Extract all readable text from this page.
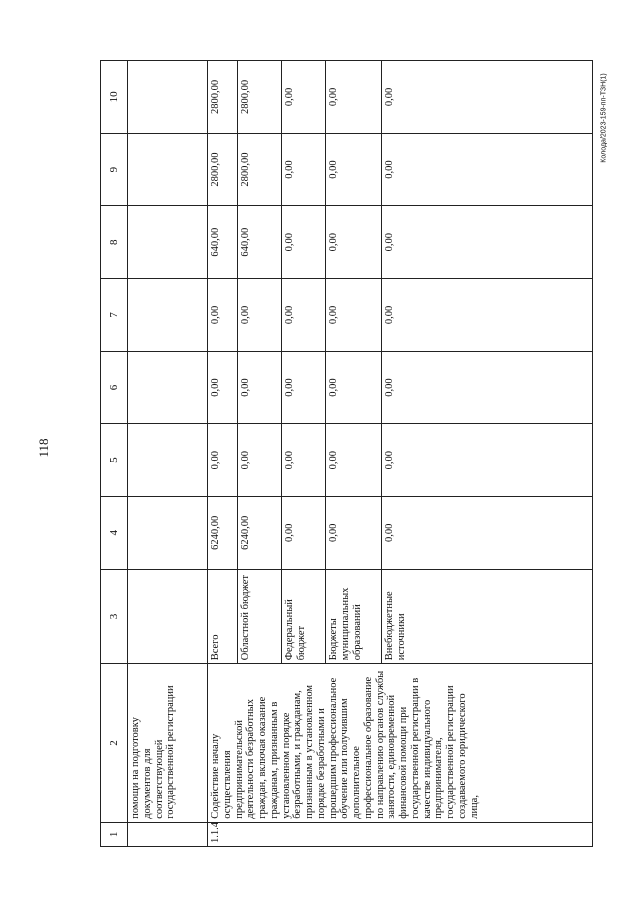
118
Колода/2023-159-пп-ТЗН(1)
1	2	3	4	5	6	7	8	9	10
	помощи на подготовку документов для соответствующей государственной регистрации								
1.1.4	Содействие началу осуществления предпринимательской деятельности безработных граждан, включая оказание гражданам, признанным в установленном порядке безработными, и гражданам, признанным в установленном порядке безработными и прошедшим профессиональное обучение или получившим дополнительное профессиональное образование по направлению органов службы занятости, единовременной финансовой помощи при государственной регистрации в качестве индивидуального предпринимателя, государственной регистрации создаваемого юридического лица,	Всего	6240,00	0,00	0,00	0,00	640,00	2800,00	2800,00
		Областной бюджет	6240,00	0,00	0,00	0,00	640,00	2800,00	2800,00
		Федеральный бюджет	0,00	0,00	0,00	0,00	0,00	0,00	0,00
		Бюджеты муниципальных образований	0,00	0,00	0,00	0,00	0,00	0,00	0,00
		Внебюджетные источники	0,00	0,00	0,00	0,00	0,00	0,00	0,00
